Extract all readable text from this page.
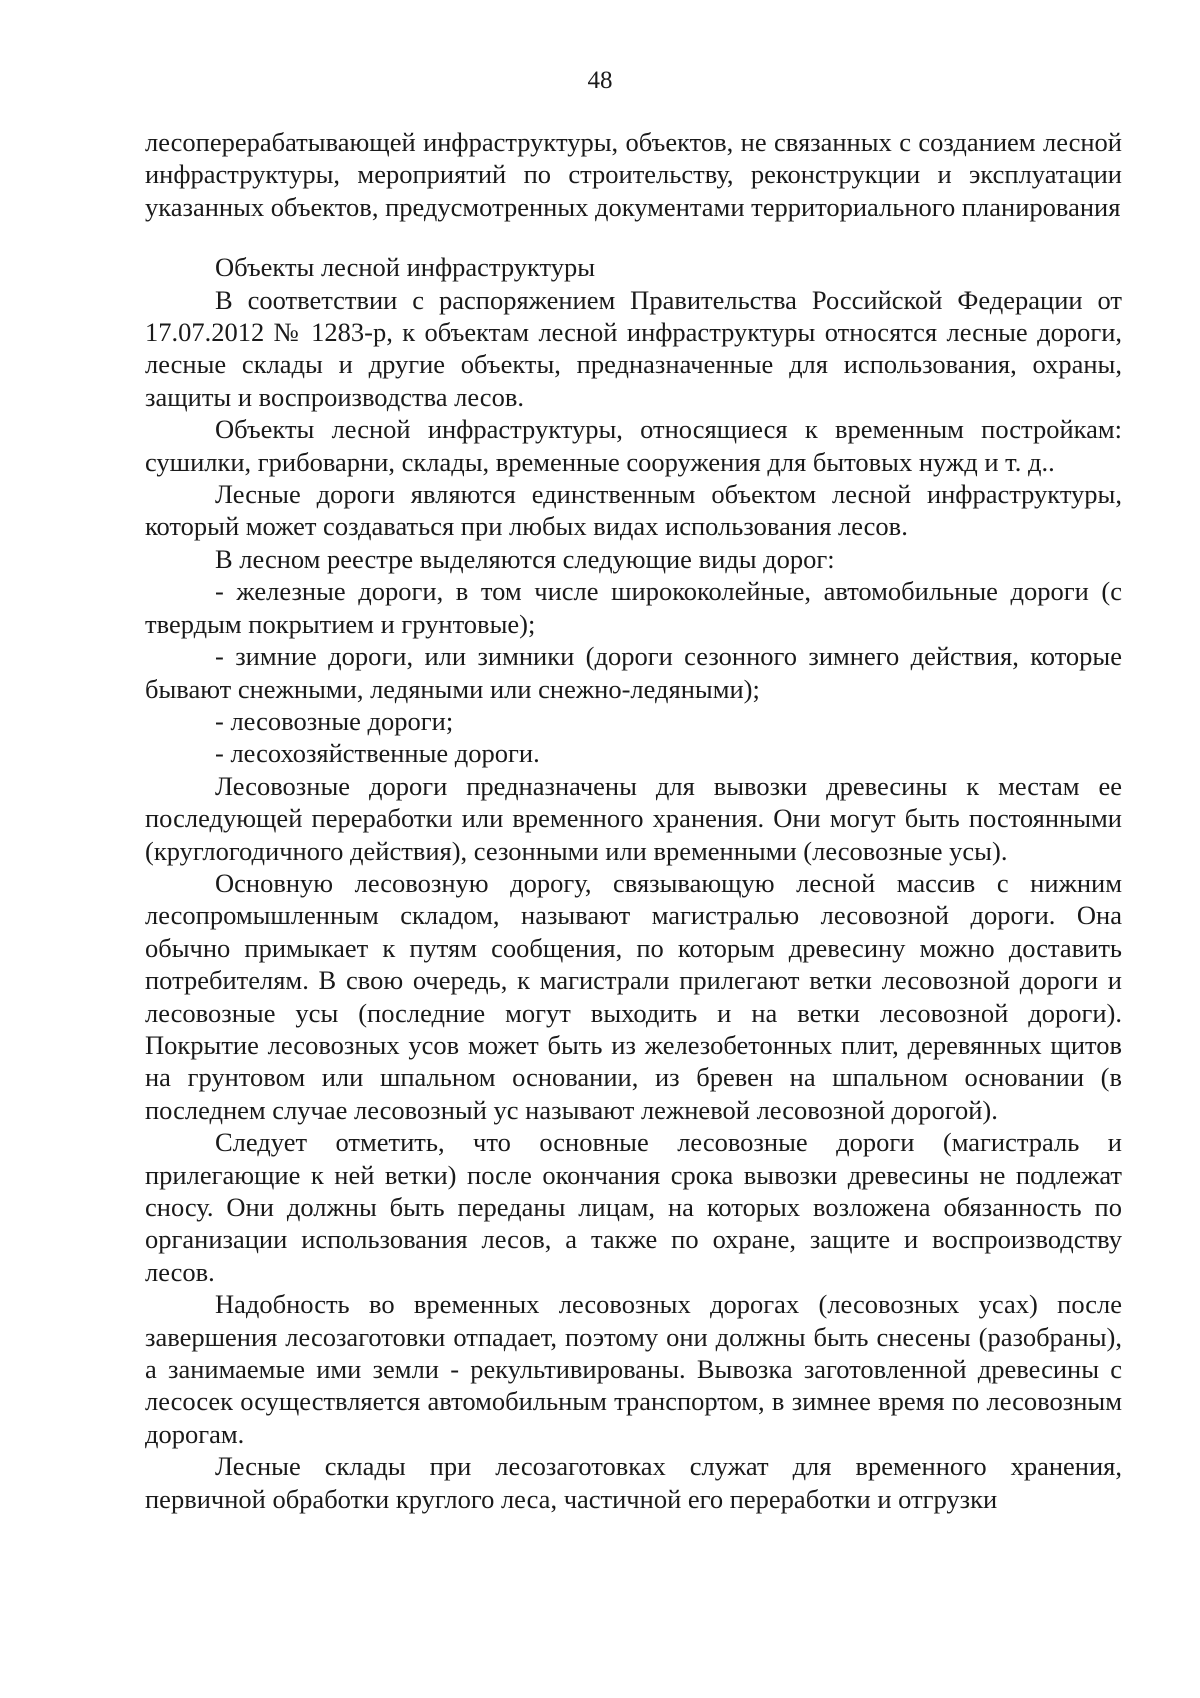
48

лесоперерабатывающей инфраструктуры, объектов, не связанных с созданием лесной инфраструктуры, мероприятий по строительству, реконструкции и эксплуатации указанных объектов, предусмотренных документами территориального планирования

Объекты лесной инфраструктуры

В соответствии с распоряжением Правительства Российской Федерации от 17.07.2012 № 1283-р, к объектам лесной инфраструктуры относятся лесные дороги, лесные склады и другие объекты, предназначенные для использования, охраны, защиты и воспроизводства лесов.

Объекты лесной инфраструктуры, относящиеся к временным постройкам: сушилки, грибоварни, склады, временные сооружения для бытовых нужд и т. д..

Лесные дороги являются единственным объектом лесной инфраструктуры, который может создаваться при любых видах использования лесов.

В лесном реестре выделяются следующие виды дорог:

- железные дороги, в том числе ширококолейные, автомобильные дороги (с твердым покрытием и грунтовые);

- зимние дороги, или зимники (дороги сезонного зимнего действия, которые бывают снежными, ледяными или снежно-ледяными);

- лесовозные дороги;

- лесохозяйственные дороги.

Лесовозные дороги предназначены для вывозки древесины к местам ее последующей переработки или временного хранения. Они могут быть постоянными (круглогодичного действия), сезонными или временными (лесовозные усы).

Основную лесовозную дорогу, связывающую лесной массив с нижним лесопромышленным складом, называют магистралью лесовозной дороги. Она обычно примыкает к путям сообщения, по которым древесину можно доставить потребителям. В свою очередь, к магистрали прилегают ветки лесовозной дороги и лесовозные усы (последние могут выходить и на ветки лесовозной дороги). Покрытие лесовозных усов может быть из железобетонных плит, деревянных щитов на грунтовом или шпальном основании, из бревен на шпальном основании (в последнем случае лесовозный ус называют лежневой лесовозной дорогой).

Следует отметить, что основные лесовозные дороги (магистраль и прилегающие к ней ветки) после окончания срока вывозки древесины не подлежат сносу. Они должны быть переданы лицам, на которых возложена обязанность по организации использования лесов, а также по охране, защите и воспроизводству лесов.

Надобность во временных лесовозных дорогах (лесовозных усах) после завершения лесозаготовки отпадает, поэтому они должны быть снесены (разобраны), а занимаемые ими земли - рекультивированы. Вывозка заготовленной древесины с лесосек осуществляется автомобильным транспортом, в зимнее время по лесовозным дорогам.

Лесные склады при лесозаготовках служат для временного хранения, первичной обработки круглого леса, частичной его переработки и отгрузки
